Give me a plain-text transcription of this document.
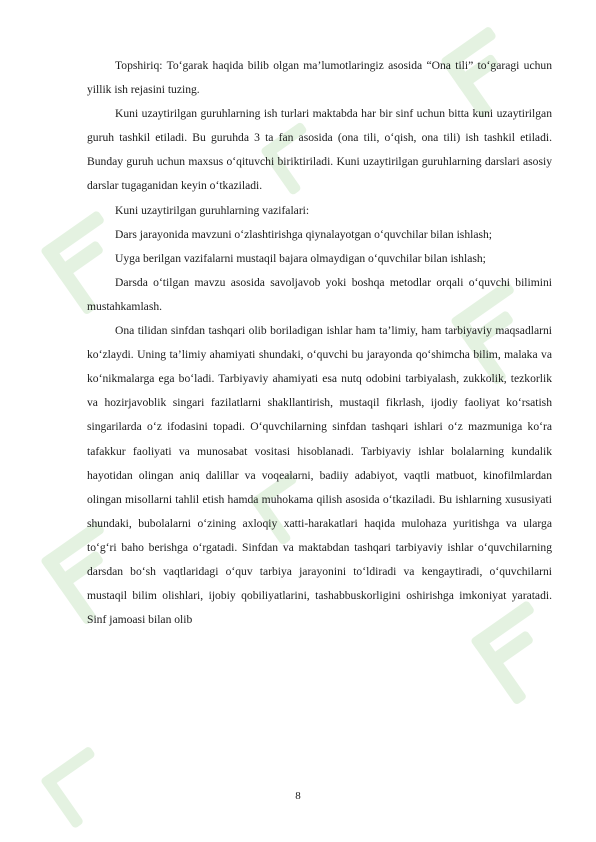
Topshiriq: To‘garak haqida bilib olgan ma’lumotlaringiz asosida “Ona tili” to‘garagi uchun yillik ish rejasini tuzing.

Kuni uzaytirilgan guruhlarning ish turlari maktabda har bir sinf uchun bitta kuni uzaytirilgan guruh tashkil etiladi. Bu guruhda 3 ta fan asosida (ona tili, o‘qish, ona tili) ish tashkil etiladi. Bunday guruh uchun maxsus o‘qituvchi biriktiriladi. Kuni uzaytirilgan guruhlarning darslari asosiy darslar tugaganidan keyin o‘tkaziladi.

Kuni uzaytirilgan guruhlarning vazifalari:

Dars jarayonida mavzuni o‘zlashtirishga qiynalayotgan o‘quvchilar bilan ishlash;

Uyga berilgan vazifalarni mustaqil bajara olmaydigan o‘quvchilar bilan ishlash;

Darsda o‘tilgan mavzu asosida savoljavob yoki boshqa metodlar orqali o‘quvchi bilimini mustahkamlash.

Ona tilidan sinfdan tashqari olib boriladigan ishlar ham ta’limiy, ham tarbiyaviy maqsadlarni ko‘zlaydi. Uning ta’limiy ahamiyati shundaki, o‘quvchi bu jarayonda qo‘shimcha bilim, malaka va ko‘nikmalarga ega bo‘ladi. Tarbiyaviy ahamiyati esa nutq odobini tarbiyalash, zukkolik, tezkorlik va hozirjavoblik singari fazilatlarni shakllantirish, mustaqil fikrlash, ijodiy faoliyat ko‘rsatish singarilarda o‘z ifodasini topadi. O‘quvchilarning sinfdan tashqari ishlari o‘z mazmuniga ko‘ra tafakkur faoliyati va munosabat vositasi hisoblanadi. Tarbiyaviy ishlar bolalarning kundalik hayotidan olingan aniq dalillar va voqealarni, badiiy adabiyot, vaqtli matbuot, kinofilmlardan olingan misollarni tahlil etish hamda muhokama qilish asosida o‘tkaziladi. Bu ishlarning xususiyati shundaki, bubolalarni o‘zining axloqiy xatti-harakatlari haqida mulohaza yuritishga va ularga to‘g‘ri baho berishga o‘rgatadi. Sinfdan va maktabdan tashqari tarbiyaviy ishlar o‘quvchilarning darsdan bo‘sh vaqtlaridagi o‘quv tarbiya jarayonini to‘ldiradi va kengaytiradi, o‘quvchilarni mustaqil bilim olishlari, ijobiy qobiliyatlarini, tashabbuskorligini oshirishga imkoniyat yaratadi. Sinf jamoasi bilan olib

8
